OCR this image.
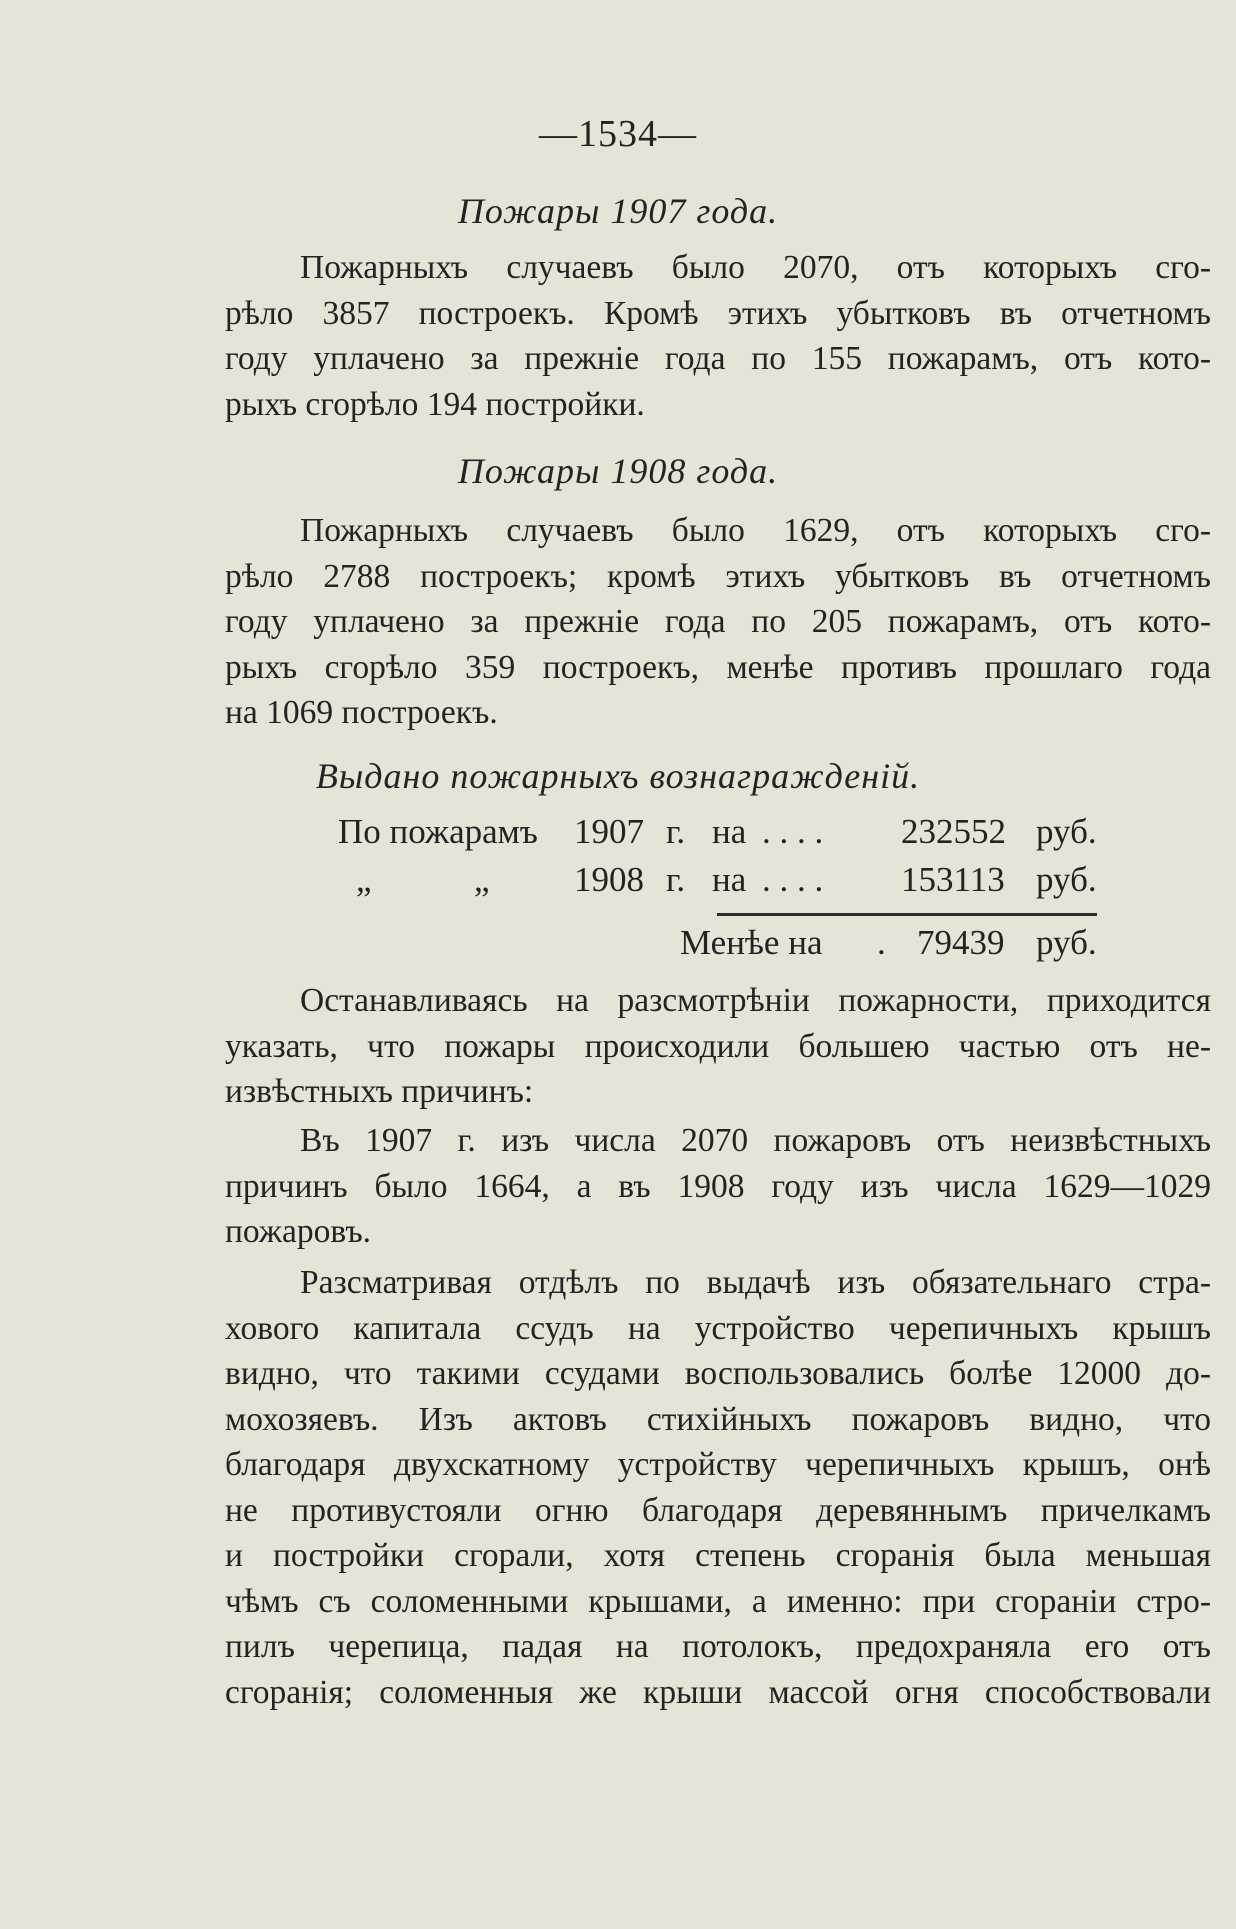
—1534—
Пожары 1907 года.
Пожарныхъ случаевъ было 2070, отъ которыхъ сго-
рѣло 3857 построекъ. Кромѣ этихъ убытковъ въ отчетномъ
году уплачено за прежніе года по 155 пожарамъ, отъ кото-
рыхъ сгорѣло 194 постройки.
Пожары 1908 года.
Пожарныхъ случаевъ было 1629, отъ которыхъ сго-
рѣло 2788 построекъ; кромѣ этихъ убытковъ въ отчетномъ
году уплачено за прежніе года по 205 пожарамъ, отъ кото-
рыхъ сгорѣло 359 построекъ, менѣе противъ прошлаго года
на 1069 построекъ.
Выдано пожарныхъ вознагражденій.
По пожарамъ 1907 г. на . . . . 232552 руб.
„	„ 1908 г. на . . . . 153113 руб.
Менѣе на . 79439 руб.
Останавливаясь на разсмотрѣніи пожарности, приходится
указать, что пожары происходили большею частью отъ не-
извѣстныхъ причинъ:
Въ 1907 г. изъ числа 2070 пожаровъ отъ неизвѣстныхъ
причинъ было 1664, а въ 1908 году изъ числа 1629—1029
пожаровъ.
Разсматривая отдѣлъ по выдачѣ изъ обязательнаго стра-
хового капитала ссудъ на устройство черепичныхъ крышъ
видно, что такими ссудами воспользовались болѣе 12000 до-
мохозяевъ. Изъ актовъ стихійныхъ пожаровъ видно, что
благодаря двухскатному устройству черепичныхъ крышъ, онѣ
не противустояли огню благодаря деревяннымъ причелкамъ
и постройки сгорали, хотя степень сгоранія была меньшая
чѣмъ съ соломенными крышами, а именно: при сгораніи стро-
пилъ черепица, падая на потолокъ, предохраняла его отъ
сгоранія; соломенныя же крыши массой огня способствовали
